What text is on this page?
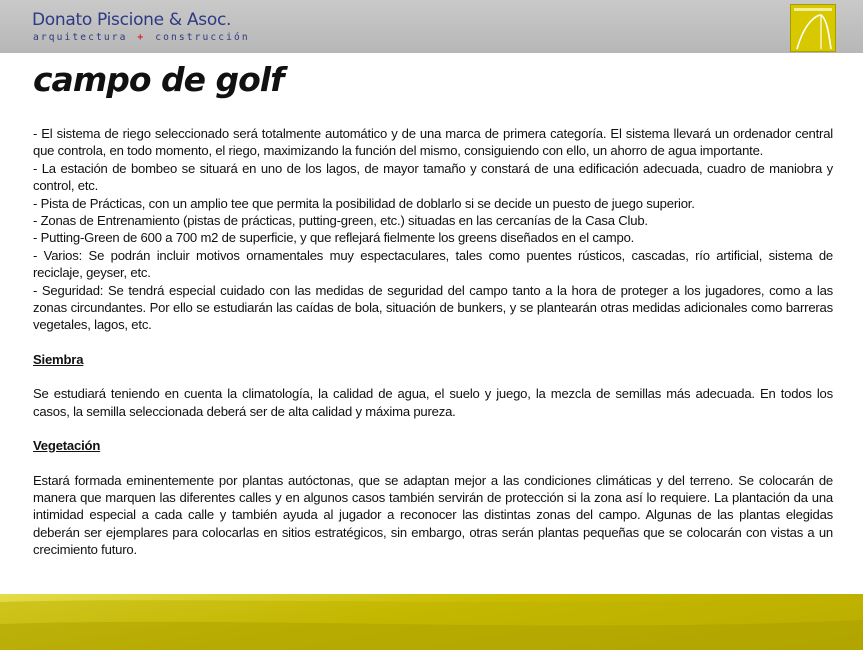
Donato Piscione & Asoc.
arquitectura + construcción
campo de golf

- El sistema de riego seleccionado será totalmente automático y de una marca de primera categoría. El sistema llevará un ordenador central que controla, en todo momento, el riego, maximizando la función del mismo, consiguiendo con ello, un ahorro de agua importante.

- La estación de bombeo se situará en uno de los lagos, de mayor tamaño y constará de una edificación adecuada, cuadro de maniobra y control, etc.

- Pista de Prácticas, con un amplio tee que permita la posibilidad de doblarlo si se decide un puesto de juego superior.

- Zonas de Entrenamiento (pistas de prácticas, putting-green, etc.) situadas en las cercanías de la Casa Club.

- Putting-Green de 600 a 700 m2 de superficie, y que reflejará fielmente los greens diseñados en el campo.

- Varios: Se podrán incluir motivos ornamentales muy espectaculares, tales como puentes rústicos, cascadas, río artificial, sistema de reciclaje, geyser, etc.

- Seguridad: Se tendrá especial cuidado con las medidas de seguridad del campo tanto a la hora de proteger a los jugadores, como a las zonas circundantes. Por ello se estudiarán las caídas de bola, situación de bunkers, y se plantearán otras medidas adicionales como barreras vegetales, lagos, etc.

Siembra

Se estudiará teniendo en cuenta la climatología, la calidad de agua, el suelo y juego, la mezcla de semillas más adecuada. En todos los casos, la semilla seleccionada deberá ser de alta calidad y máxima pureza.

Vegetación

Estará formada eminentemente por plantas autóctonas, que se adaptan mejor a las condiciones climáticas y del terreno. Se colocarán de manera que marquen las diferentes calles y en algunos casos también servirán de protección si la zona así lo requiere. La plantación da una intimidad especial a cada calle y también ayuda al jugador a reconocer las distintas zonas del campo. Algunas de las plantas elegidas deberán ser ejemplares para colocarlas en sitios estratégicos, sin embargo, otras serán plantas pequeñas que se colocarán con vistas a un crecimiento futuro.
